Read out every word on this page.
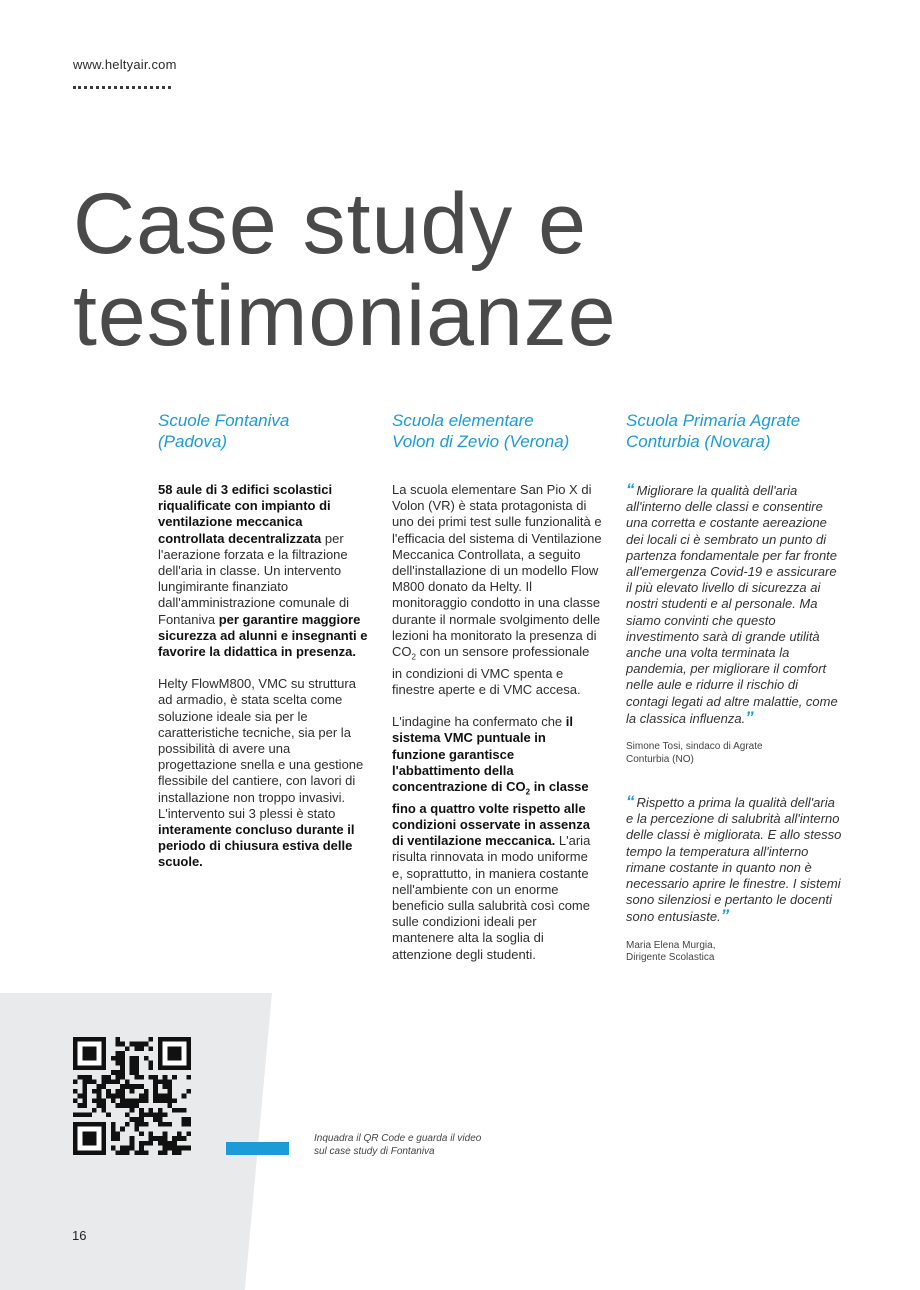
www.heltyair.com
Case study e
testimonianze
Scuole Fontaniva
(Padova)

58 aule di 3 edifici scolastici riqualificate con impianto di ventilazione meccanica controllata decentralizzata per l'aerazione forzata e la filtrazione dell'aria in classe. Un intervento lungimirante finanziato dall'amministrazione comunale di Fontaniva per garantire maggiore sicurezza ad alunni e insegnanti e favorire la didattica in presenza.

Helty FlowM800, VMC su struttura ad armadio, è stata scelta come soluzione ideale sia per le caratteristiche tecniche, sia per la possibilità di avere una progettazione snella e una gestione flessibile del cantiere, con lavori di installazione non troppo invasivi. L'intervento sui 3 plessi è stato interamente concluso durante il periodo di chiusura estiva delle scuole.

Scuola elementare
Volon di Zevio (Verona)

La scuola elementare San Pio X di Volon (VR) è stata protagonista di uno dei primi test sulle funzionalità e l'efficacia del sistema di Ventilazione Meccanica Controllata, a seguito dell'installazione di un modello Flow M800 donato da Helty. Il monitoraggio condotto in una classe durante il normale svolgimento delle lezioni ha monitorato la presenza di $CO_2$ con un sensore professionale in condizioni di VMC spenta e finestre aperte e di VMC accesa.

L'indagine ha confermato che il sistema VMC puntuale in funzione garantisce l'abbattimento della concentrazione di $CO_2$ in classe fino a quattro volte rispetto alle condizioni osservate in assenza di ventilazione meccanica. L'aria risulta rinnovata in modo uniforme e, soprattutto, in maniera costante nell'ambiente con un enorme beneficio sulla salubrità così come sulle condizioni ideali per mantenere alta la soglia di attenzione degli studenti.

Scuola Primaria Agrate
Conturbia (Novara)

“ Migliorare la qualità dell'aria all'interno delle classi e consentire una corretta e costante aereazione dei locali ci è sembrato un punto di partenza fondamentale per far fronte all'emergenza Covid-19 e assicurare il più elevato livello di sicurezza ai nostri studenti e al personale. Ma siamo convinti che questo investimento sarà di grande utilità anche una volta terminata la pandemia, per migliorare il comfort nelle aule e ridurre il rischio di contagi legati ad altre malattie, come la classica influenza.”

Simone Tosi, sindaco di Agrate
Conturbia (NO)

“ Rispetto a prima la qualità dell'aria e la percezione di salubrità all'interno delle classi è migliorata. E allo stesso tempo la temperatura all'interno rimane costante in quanto non è necessario aprire le finestre. I sistemi sono silenziosi e pertanto le docenti sono entusiaste.”

Maria Elena Murgia,
Dirigente Scolastica

Inquadra il QR Code e guarda il video
sul case study di Fontaniva
16
